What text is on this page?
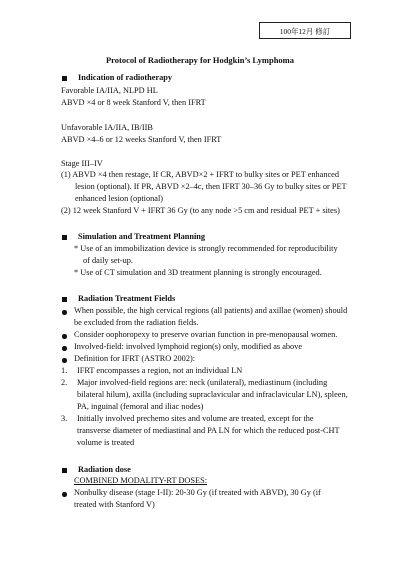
100年12月 修訂
Protocol of Radiotherapy for Hodgkin’s Lymphoma
Indication of radiotherapy
Favorable IA/IIA, NLPD HL
ABVD ×4 or 8 week Stanford V, then IFRT
Unfavorable IA/IIA, IB/IIB
ABVD ×4–6 or 12 weeks Stanford V, then IFRT
Stage III–IV
(1) ABVD ×4 then restage, If CR, ABVD×2 + IFRT to bulky sites or PET enhanced
lesion (optional). If PR, ABVD ×2–4c, then IFRT 30–36 Gy to bulky sites or PET
enhanced lesion (optional)
(2) 12 week Stanford V + IFRT 36 Gy (to any node >5 cm and residual PET + sites)
Simulation and Treatment Planning
* Use of an immobilization device is strongly recommended for reproducibility
of daily set-up.
* Use of CT simulation and 3D treatment planning is strongly encouraged.
Radiation Treatment Fields
When possible, the high cervical regions (all patients) and axillae (women) should
be excluded from the radiation fields.
Consider oophoropexy to preserve ovarian function in pre-menopausal women.
Involved-field: involved lymphoid region(s) only, modified as above
Definition for IFRT (ASTRO 2002):
1. IFRT encompasses a region, not an individual LN
2. Major involved-field regions are: neck (unilateral), mediastinum (including
bilateral hilum), axilla (including supraclavicular and infraclavicular LN), spleen,
PA, inguinal (femoral and iliac nodes)
3. Initially involved prechemo sites and volume are treated, except for the
transverse diameter of mediastinal and PA LN for which the reduced post-CHT
volume is treated
Radiation dose
COMBINED MODALITY-RT DOSES:
Nonbulky disease (stage I-II): 20-30 Gy (if treated with ABVD), 30 Gy (if
treated with Stanford V)
